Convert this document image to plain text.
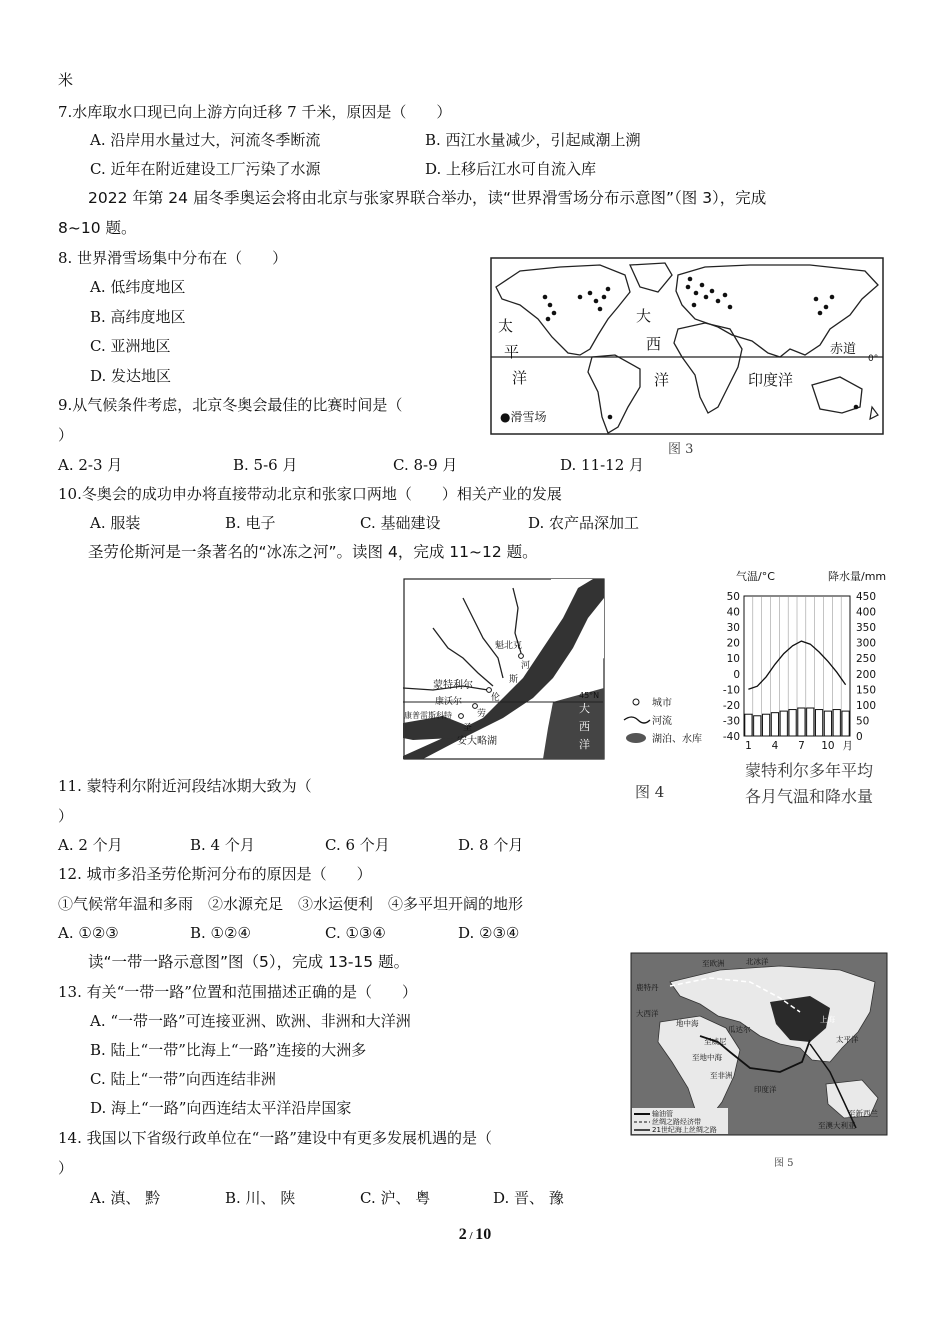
米
7.水库取水口现已向上游方向迁移 7 千米，原因是（　　）
A. 沿岸用水量过大，河流冬季断流	B. 西江水量减少，引起咸潮上溯
C. 近年在附近建设工厂污染了水源	D. 上移后江水可自流入库
2022 年第 24 届冬季奥运会将由北京与张家界联合举办，读“世界滑雪场分布示意图”（图 3），完成
8~10 题。
8. 世界滑雪场集中分布在（　　）
A. 低纬度地区
B. 高纬度地区
C. 亚洲地区
D. 发达地区
太
平
洋
大
西
洋	印度洋
赤道
0°
●滑雪场
图 3
9.从气候条件考虑，北京冬奥会最佳的比赛时间是（
）
A. 2-3 月	B. 5-6 月	C. 8-9 月	D. 11-12 月
10.冬奥会的成功申办将直接带动北京和张家口两地（　　）相关产业的发展
A. 服装	B. 电子	C. 基础建设	D. 农产品深加工
圣劳伦斯河是一条著名的“冰冻之河”。读图 4，完成 11~12 题。
魁北克
河
斯
蒙特利尔
伦
康沃尔
康普雷斯科特	劳
圣
安大略湖
45°N
大
西
洋
城市
河流
湖泊、水库
气温/°C	降水量/mm
50
40
30
20
10
0
-10
-20
-30
-40
450
400
350
300
250
200
150
100
50
0
1 4 7 10 月
蒙特利尔多年平均
各月气温和降水量
图 4
11. 蒙特利尔附近河段结冰期大致为（
）
A. 2 个月	B. 4 个月	C. 6 个月	D. 8 个月
12. 城市多沿圣劳伦斯河分布的原因是（　　）
①气候常年温和多雨　②水源充足　③水运便利　④多平坦开阔的地形
A. ①②③	B. ①②④	C. ①③④	D. ②③④
读“一带一路示意图”图（5），完成 13-15 题。	至欧洲	北冰洋
鹿特丹
大西洋
地中海
瓜达尔
至威尼
至地中海
至非洲
印度洋
太平洋
至新西兰
至澳大利亚
上海
输油管
丝绸之路经济带
21世纪海上丝绸之路
图 5
13. 有关“一带一路”位置和范围描述正确的是（　　）
A. “一带一路”可连接亚洲、欧洲、非洲和大洋洲
B. 陆上“一带”比海上“一路”连接的大洲多
C. 陆上“一带”向西连结非洲
D. 海上“一路”向西连结太平洋沿岸国家
14. 我国以下省级行政单位在“一路”建设中有更多发展机遇的是（
）
A. 滇、 黔	B. 川、 陕	C. 沪、 粤	D. 晋、 豫
2 / 10
